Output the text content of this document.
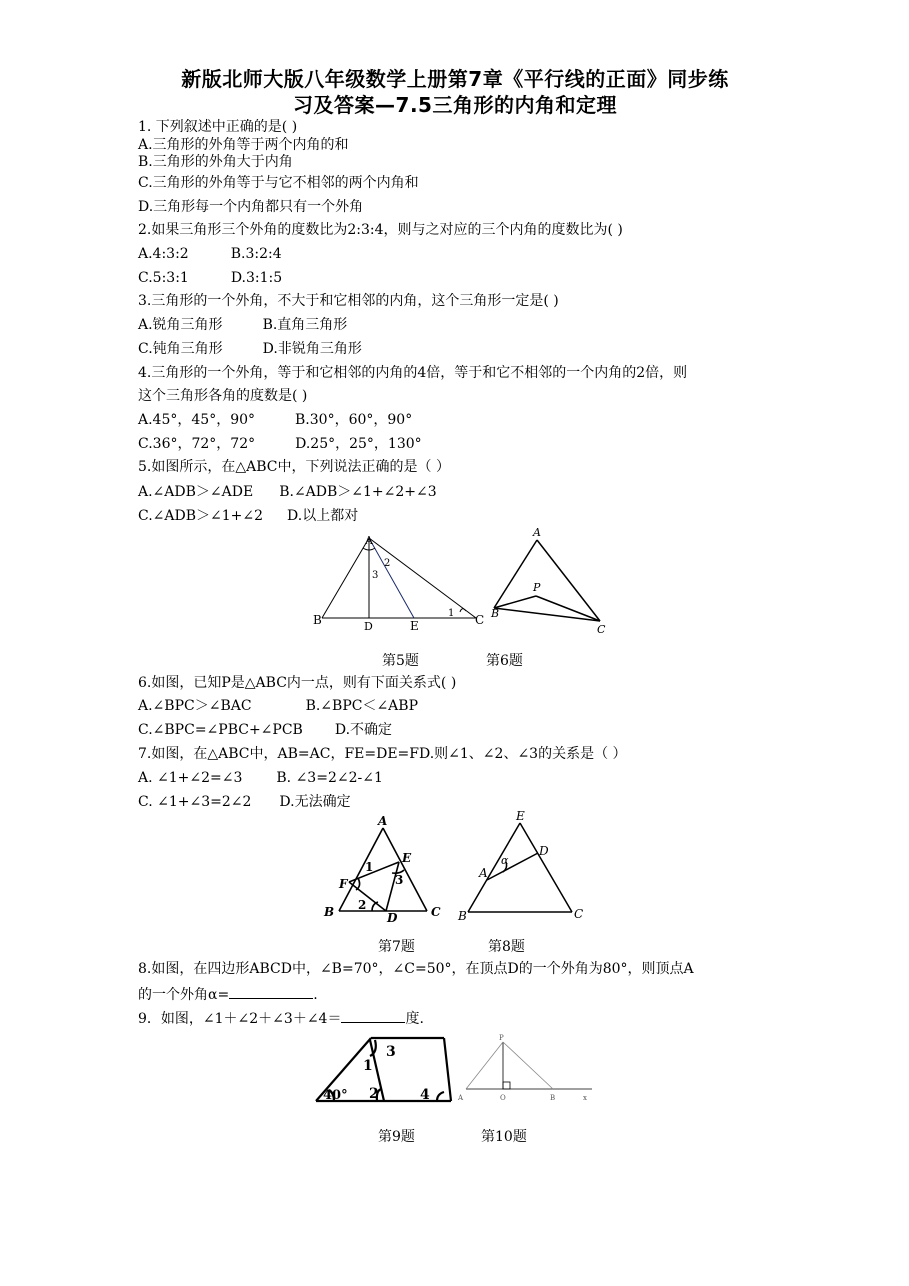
新版北师大版八年级数学上册第7章《平行线的正面》同步练
习及答案—7.5三角形的内角和定理
1. 下列叙述中正确的是( )
A.三角形的外角等于两个内角的和
B.三角形的外角大于内角
C.三角形的外角等于与它不相邻的两个内角和
D.三角形每一个内角都只有一个外角
2.如果三角形三个外角的度数比为2:3:4，则与之对应的三个内角的度数比为( )
A.4:3:2	B.3:2:4
C.5:3:1	D.3:1:5
3.三角形的一个外角，不大于和它相邻的内角，这个三角形一定是( )
A.锐角三角形	B.直角三角形
C.钝角三角形	D.非锐角三角形
4.三角形的一个外角，等于和它相邻的内角的4倍，等于和它不相邻的一个内角的2倍，则
这个三角形各角的度数是( )
A.45°，45°，90°	B.30°，60°，90°
C.36°，72°，72°	D.25°，25°，130°
5.如图所示，在△ABC中，下列说法正确的是（ ）
A.∠ADB＞∠ADE B.∠ADB＞∠1+∠2+∠3
C.∠ADB＞∠1+∠2 D.以上都对
A
B	C
D	E
1
2
3
A
B
C
P
第5题	第6题
6.如图，已知P是△ABC内一点，则有下面关系式( )
A.∠BPC＞∠BAC	B.∠BPC＜∠ABP
C.∠BPC=∠PBC+∠PCB D.不确定
7.如图，在△ABC中，AB=AC，FE=DE=FD.则∠1、∠2、∠3的关系是（ ）
A. ∠1+∠2=∠3 B. ∠3=2∠2-∠1
C. ∠1+∠3=2∠2 D.无法确定
A
B	C
D
E
F
1
2
3
E
A
D
B	C
α
第7题	第8题
8.如图，在四边形ABCD中，∠B=70°，∠C=50°，在顶点D的一个外角为80°，则顶点A
的一个外角α=	.
9．如图，∠1＋∠2＋∠3＋∠4＝	度.
40°
1
2
3
4
P
A	O	B	x
第9题	第10题
